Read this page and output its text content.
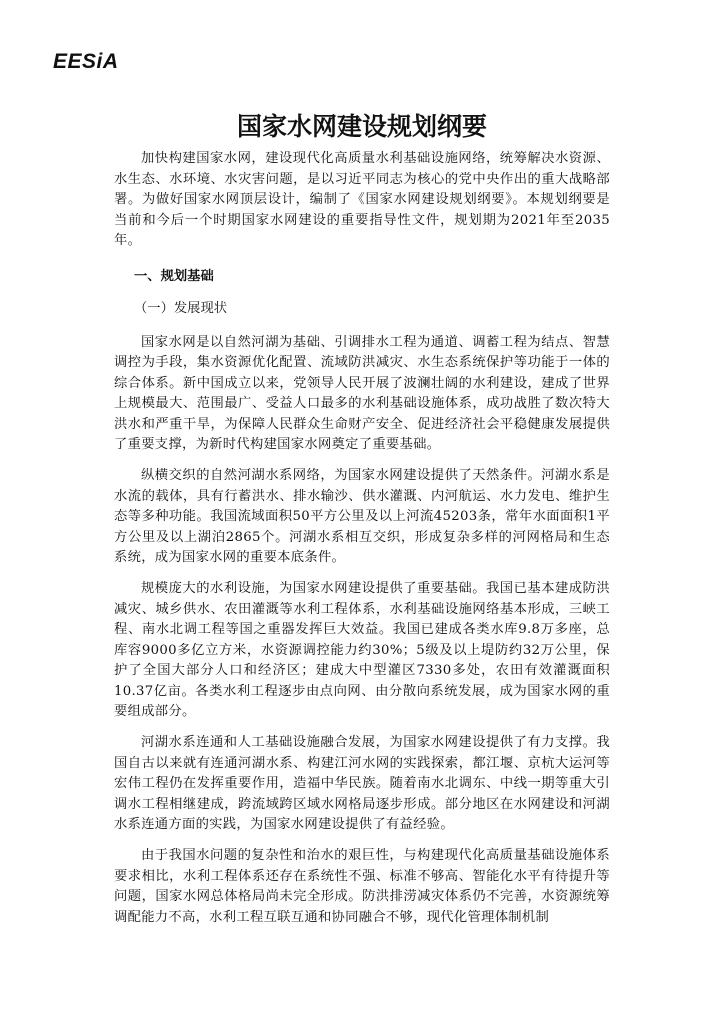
EESiA
国家水网建设规划纲要

加快构建国家水网，建设现代化高质量水利基础设施网络，统筹解决水资源、水生态、水环境、水灾害问题，是以习近平同志为核心的党中央作出的重大战略部署。为做好国家水网顶层设计，编制了《国家水网建设规划纲要》。本规划纲要是当前和今后一个时期国家水网建设的重要指导性文件，规划期为2021年至2035年。

一、规划基础

（一）发展现状

国家水网是以自然河湖为基础、引调排水工程为通道、调蓄工程为结点、智慧调控为手段，集水资源优化配置、流域防洪减灾、水生态系统保护等功能于一体的综合体系。新中国成立以来，党领导人民开展了波澜壮阔的水利建设，建成了世界上规模最大、范围最广、受益人口最多的水利基础设施体系，成功战胜了数次特大洪水和严重干旱，为保障人民群众生命财产安全、促进经济社会平稳健康发展提供了重要支撑，为新时代构建国家水网奠定了重要基础。

纵横交织的自然河湖水系网络，为国家水网建设提供了天然条件。河湖水系是水流的载体，具有行蓄洪水、排水输沙、供水灌溉、内河航运、水力发电、维护生态等多种功能。我国流域面积50平方公里及以上河流45203条，常年水面面积1平方公里及以上湖泊2865个。河湖水系相互交织，形成复杂多样的河网格局和生态系统，成为国家水网的重要本底条件。

规模庞大的水利设施，为国家水网建设提供了重要基础。我国已基本建成防洪减灾、城乡供水、农田灌溉等水利工程体系，水利基础设施网络基本形成，三峡工程、南水北调工程等国之重器发挥巨大效益。我国已建成各类水库9.8万多座，总库容9000多亿立方米，水资源调控能力约30%；5级及以上堤防约32万公里，保护了全国大部分人口和经济区；建成大中型灌区7330多处，农田有效灌溉面积10.37亿亩。各类水利工程逐步由点向网、由分散向系统发展，成为国家水网的重要组成部分。

河湖水系连通和人工基础设施融合发展，为国家水网建设提供了有力支撑。我国自古以来就有连通河湖水系、构建江河水网的实践探索，都江堰、京杭大运河等宏伟工程仍在发挥重要作用，造福中华民族。随着南水北调东、中线一期等重大引调水工程相继建成，跨流域跨区域水网格局逐步形成。部分地区在水网建设和河湖水系连通方面的实践，为国家水网建设提供了有益经验。

由于我国水问题的复杂性和治水的艰巨性，与构建现代化高质量基础设施体系要求相比，水利工程体系还存在系统性不强、标准不够高、智能化水平有待提升等问题，国家水网总体格局尚未完全形成。防洪排涝减灾体系仍不完善，水资源统筹调配能力不高，水利工程互联互通和协同融合不够，现代化管理体制机制
